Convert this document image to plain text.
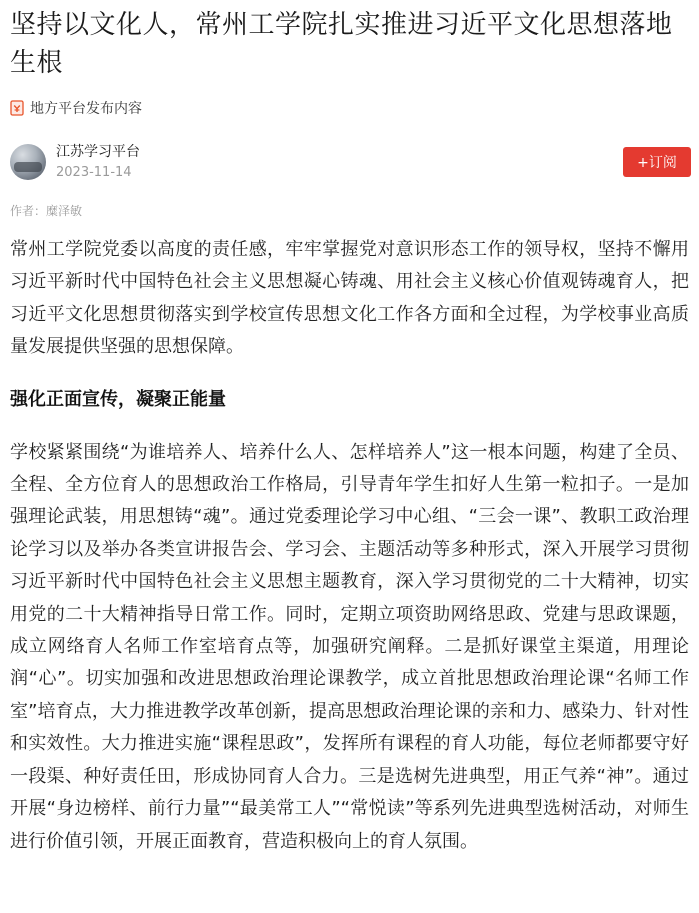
坚持以文化人，常州工学院扎实推进习近平文化思想落地生根
地方平台发布内容
江苏学习平台
2023-11-14
+订阅
作者：糜泽敏

常州工学院党委以高度的责任感，牢牢掌握党对意识形态工作的领导权，坚持不懈用习近平新时代中国特色社会主义思想凝心铸魂、用社会主义核心价值观铸魂育人，把习近平文化思想贯彻落实到学校宣传思想文化工作各方面和全过程，为学校事业高质量发展提供坚强的思想保障。

强化正面宣传，凝聚正能量

学校紧紧围绕“为谁培养人、培养什么人、怎样培养人”这一根本问题，构建了全员、全程、全方位育人的思想政治工作格局，引导青年学生扣好人生第一粒扣子。一是加强理论武装，用思想铸“魂”。通过党委理论学习中心组、“三会一课”、教职工政治理论学习以及举办各类宣讲报告会、学习会、主题活动等多种形式，深入开展学习贯彻习近平新时代中国特色社会主义思想主题教育，深入学习贯彻党的二十大精神，切实用党的二十大精神指导日常工作。同时，定期立项资助网络思政、党建与思政课题，成立网络育人名师工作室培育点等，加强研究阐释。二是抓好课堂主渠道，用理论润“心”。切实加强和改进思想政治理论课教学，成立首批思想政治理论课“名师工作室”培育点，大力推进教学改革创新，提高思想政治理论课的亲和力、感染力、针对性和实效性。大力推进实施“课程思政”，发挥所有课程的育人功能，每位老师都要守好一段渠、种好责任田，形成协同育人合力。三是选树先进典型，用正气养“神”。通过开展“身边榜样、前行力量”“最美常工人”“常悦读”等系列先进典型选树活动，对师生进行价值引领，开展正面教育，营造积极向上的育人氛围。
